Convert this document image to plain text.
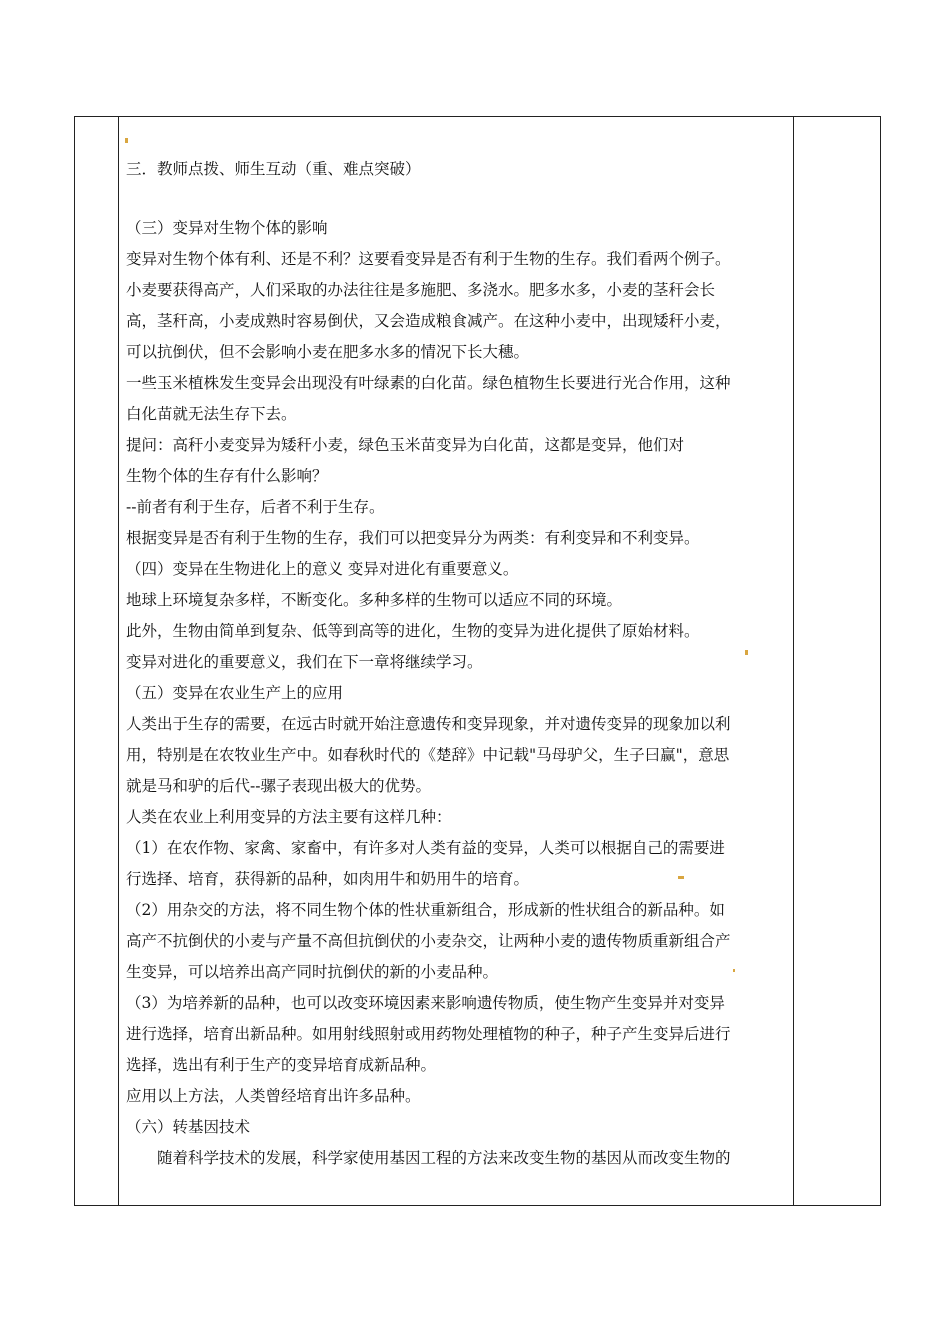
三．教师点拨、师生互动（重、难点突破）
（三）变异对生物个体的影响
变异对生物个体有利、还是不利？这要看变异是否有利于生物的生存。我们看两个例子。
小麦要获得高产，人们采取的办法往往是多施肥、多浇水。肥多水多，小麦的茎秆会长
高，茎秆高，小麦成熟时容易倒伏，又会造成粮食减产。在这种小麦中，出现矮秆小麦，
可以抗倒伏，但不会影响小麦在肥多水多的情况下长大穗。
一些玉米植株发生变异会出现没有叶绿素的白化苗。绿色植物生长要进行光合作用，这种
白化苗就无法生存下去。
提问：高秆小麦变异为矮秆小麦，绿色玉米苗变异为白化苗，这都是变异，他们对
生物个体的生存有什么影响？
--前者有利于生存，后者不利于生存。
根据变异是否有利于生物的生存，我们可以把变异分为两类：有利变异和不利变异。
（四）变异在生物进化上的意义 变异对进化有重要意义。
地球上环境复杂多样，不断变化。多种多样的生物可以适应不同的环境。
此外，生物由简单到复杂、低等到高等的进化，生物的变异为进化提供了原始材料。
变异对进化的重要意义，我们在下一章将继续学习。
（五）变异在农业生产上的应用
人类出于生存的需要，在远古时就开始注意遗传和变异现象，并对遗传变异的现象加以利
用，特别是在农牧业生产中。如春秋时代的《楚辞》中记载"马母驴父，生子曰赢"，意思
就是马和驴的后代--骡子表现出极大的优势。
人类在农业上利用变异的方法主要有这样几种：
（1）在农作物、家禽、家畜中，有许多对人类有益的变异，人类可以根据自己的需要进
行选择、培育，获得新的品种，如肉用牛和奶用牛的培育。
（2）用杂交的方法，将不同生物个体的性状重新组合，形成新的性状组合的新品种。如
高产不抗倒伏的小麦与产量不高但抗倒伏的小麦杂交，让两种小麦的遗传物质重新组合产
生变异，可以培养出高产同时抗倒伏的新的小麦品种。
（3）为培养新的品种，也可以改变环境因素来影响遗传物质，使生物产生变异并对变异
进行选择，培育出新品种。如用射线照射或用药物处理植物的种子，种子产生变异后进行
选择，选出有利于生产的变异培育成新品种。
应用以上方法，人类曾经培育出许多品种。
（六）转基因技术
　　随着科学技术的发展，科学家使用基因工程的方法来改变生物的基因从而改变生物的
